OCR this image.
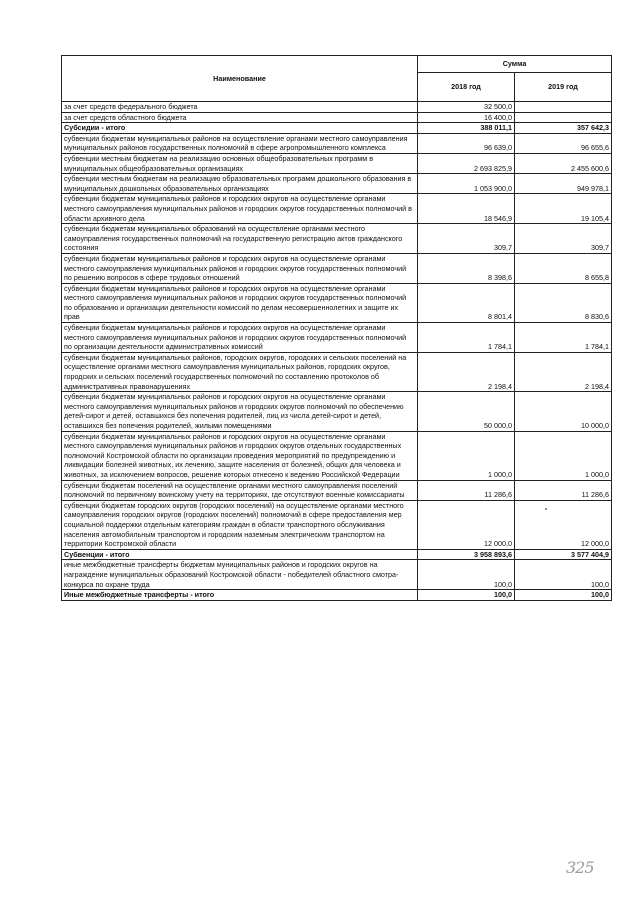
Наименование	Сумма	
	2018 год	2019 год
за счет средств федерального бюджета	32 500,0	
за счет средств областного бюджета	16 400,0	
Субсидии - итого	388 011,1	357 642,3
субвенции бюджетам муниципальных районов на осуществление органами местного самоуправления муниципальных районов государственных полномочий в сфере агропромышленного комплекса	96 639,0	96 655,6
субвенции местным бюджетам на реализацию основных общеобразовательных программ в муниципальных общеобразовательных организациях	2 693 825,9	2 455 600,6
субвенции местным бюджетам на реализацию образовательных программ дошкольного образования в муниципальных дошкольных образовательных организациях	1 053 900,0	949 978,1
субвенции бюджетам муниципальных районов и городских округов на осуществление органами местного самоуправления муниципальных районов и городских округов государственных полномочий в области архивного дела	18 546,9	19 105,4
субвенции бюджетам муниципальных образований на осуществление органами местного самоуправления государственных полномочий на государственную регистрацию актов гражданского состояния	309,7	309,7
субвенции бюджетам муниципальных районов и городских округов на осуществление органами местного самоуправления муниципальных районов и городских округов государственных полномочий по решению вопросов в сфере трудовых отношений	8 398,6	8 655,8
субвенции бюджетам муниципальных районов и городских округов на осуществление органами местного самоуправления муниципальных районов и городских округов государственных полномочий по образованию и организации деятельности комиссий по делам несовершеннолетних и защите их прав	8 801,4	8 830,6
субвенции бюджетам муниципальных районов и городских округов на осуществление органами местного самоуправления муниципальных районов и городских округов государственных полномочий по организации деятельности административных комиссий	1 784,1	1 784,1
субвенции бюджетам муниципальных районов, городских округов, городских и сельских поселений на осуществление органами местного самоуправления муниципальных районов, городских округов, городских и сельских поселений государственных полномочий по составлению протоколов об административных правонарушениях	2 198,4	2 198,4
субвенции бюджетам муниципальных районов и городских округов на осуществление органами местного самоуправления муниципальных районов и городских округов полномочий по обеспечению детей-сирот и детей, оставшихся без попечения родителей, лиц из числа детей-сирот и детей, оставшихся без попечения родителей, жилыми помещениями	50 000,0	10 000,0
субвенции бюджетам муниципальных районов и городских округов на осуществление органами местного самоуправления муниципальных районов и городских округов отдельных государственных полномочий Костромской области по организации проведения мероприятий по предупреждению и ликвидации болезней животных, их лечению, защите населения от болезней, общих для человека и животных, за исключением вопросов, решение которых отнесено к ведению Российской Федерации	1 000,0	1 000,0
субвенции бюджетам поселений на осуществление органами местного самоуправления поселений полномочий по первичному воинскому учету на территориях, где отсутствуют военные комиссариаты	11 286,6	11 286,6
субвенции бюджетам городских округов (городских поселений) на осуществление органами местного самоуправления городских округов (городских поселений) полномочий в сфере предоставления мер социальной поддержки отдельным категориям граждан в области транспортного обслуживания населения автомобильным транспортом и городским наземным электрическим транспортом на территории Костромской области	12 000,0	12 000,0
Субвенции - итого	3 958 893,6	3 577 404,9
иные межбюджетные трансферты бюджетам муниципальных районов и городских округов на награждение муниципальных образований Костромской области - победителей областного смотра-конкурса по охране труда	100,0	100,0
Иные межбюджетные трансферты - итого	100,0	100,0
325
